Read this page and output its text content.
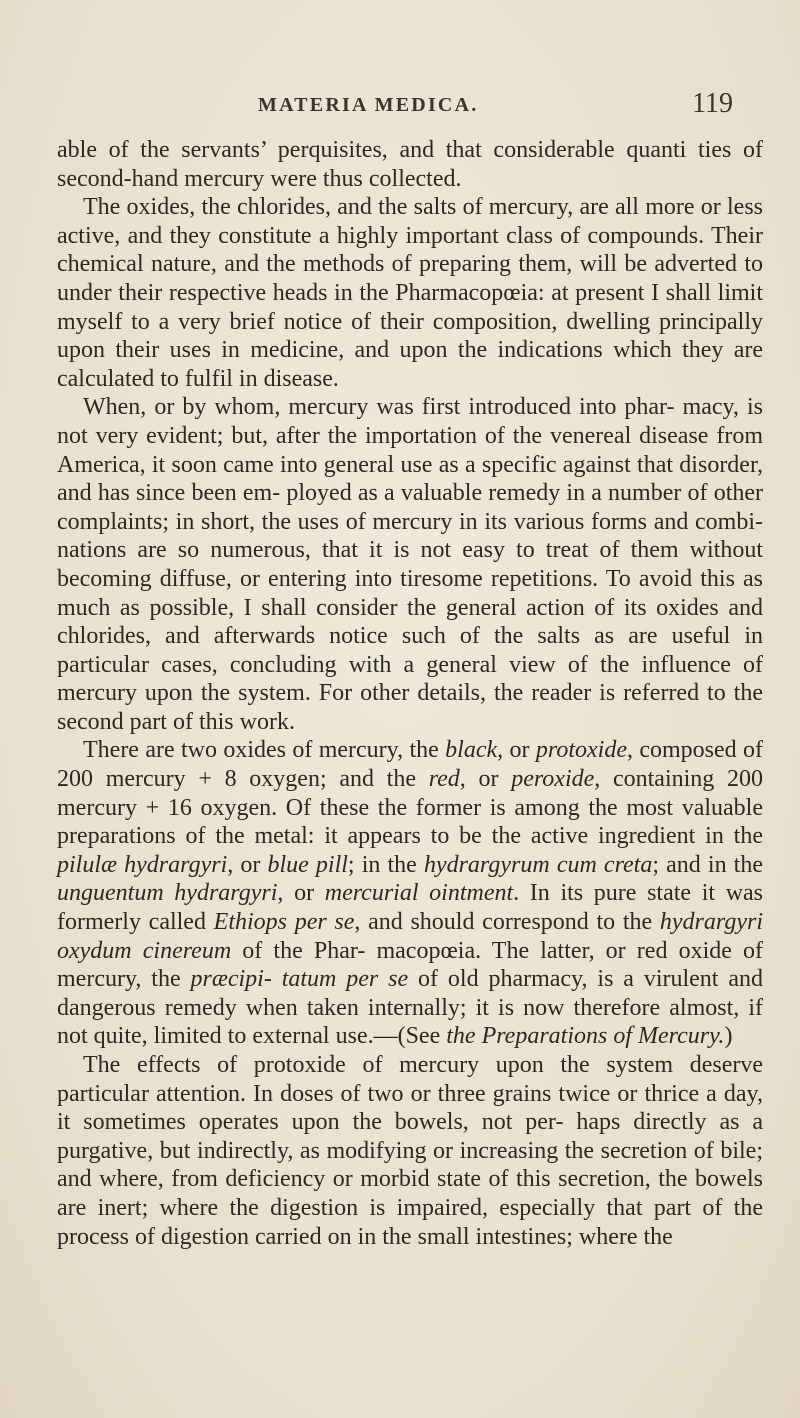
MATERIA MEDICA.	119

able of the servants’ perquisites, and that considerable quanti ties of second-hand mercury were thus collected.

The oxides, the chlorides, and the salts of mercury, are all more or less active, and they constitute a highly important class of compounds. Their chemical nature, and the methods of preparing them, will be adverted to under their respective heads in the Pharmacopœia: at present I shall limit myself to a very brief notice of their composition, dwelling principally upon their uses in medicine, and upon the indications which they are calculated to fulfil in disease.

When, or by whom, mercury was first introduced into phar- macy, is not very evident; but, after the importation of the venereal disease from America, it soon came into general use as a specific against that disorder, and has since been em- ployed as a valuable remedy in a number of other complaints; in short, the uses of mercury in its various forms and combi- nations are so numerous, that it is not easy to treat of them without becoming diffuse, or entering into tiresome repetitions. To avoid this as much as possible, I shall consider the general action of its oxides and chlorides, and afterwards notice such of the salts as are useful in particular cases, concluding with a general view of the influence of mercury upon the system. For other details, the reader is referred to the second part of this work.

There are two oxides of mercury, the black, or protoxide, composed of 200 mercury + 8 oxygen; and the red, or peroxide, containing 200 mercury + 16 oxygen. Of these the former is among the most valuable preparations of the metal: it appears to be the active ingredient in the pilulæ hydrargyri, or blue pill; in the hydrargyrum cum creta; and in the unguentum hydrargyri, or mercurial ointment. In its pure state it was formerly called Ethiops per se, and should correspond to the hydrargyri oxydum cinereum of the Phar- macopœia. The latter, or red oxide of mercury, the præcipi- tatum per se of old pharmacy, is a virulent and dangerous remedy when taken internally; it is now therefore almost, if not quite, limited to external use.—(See the Preparations of Mercury.)

The effects of protoxide of mercury upon the system deserve particular attention. In doses of two or three grains twice or thrice a day, it sometimes operates upon the bowels, not per- haps directly as a purgative, but indirectly, as modifying or increasing the secretion of bile; and where, from deficiency or morbid state of this secretion, the bowels are inert; where the digestion is impaired, especially that part of the process of digestion carried on in the small intestines; where the
